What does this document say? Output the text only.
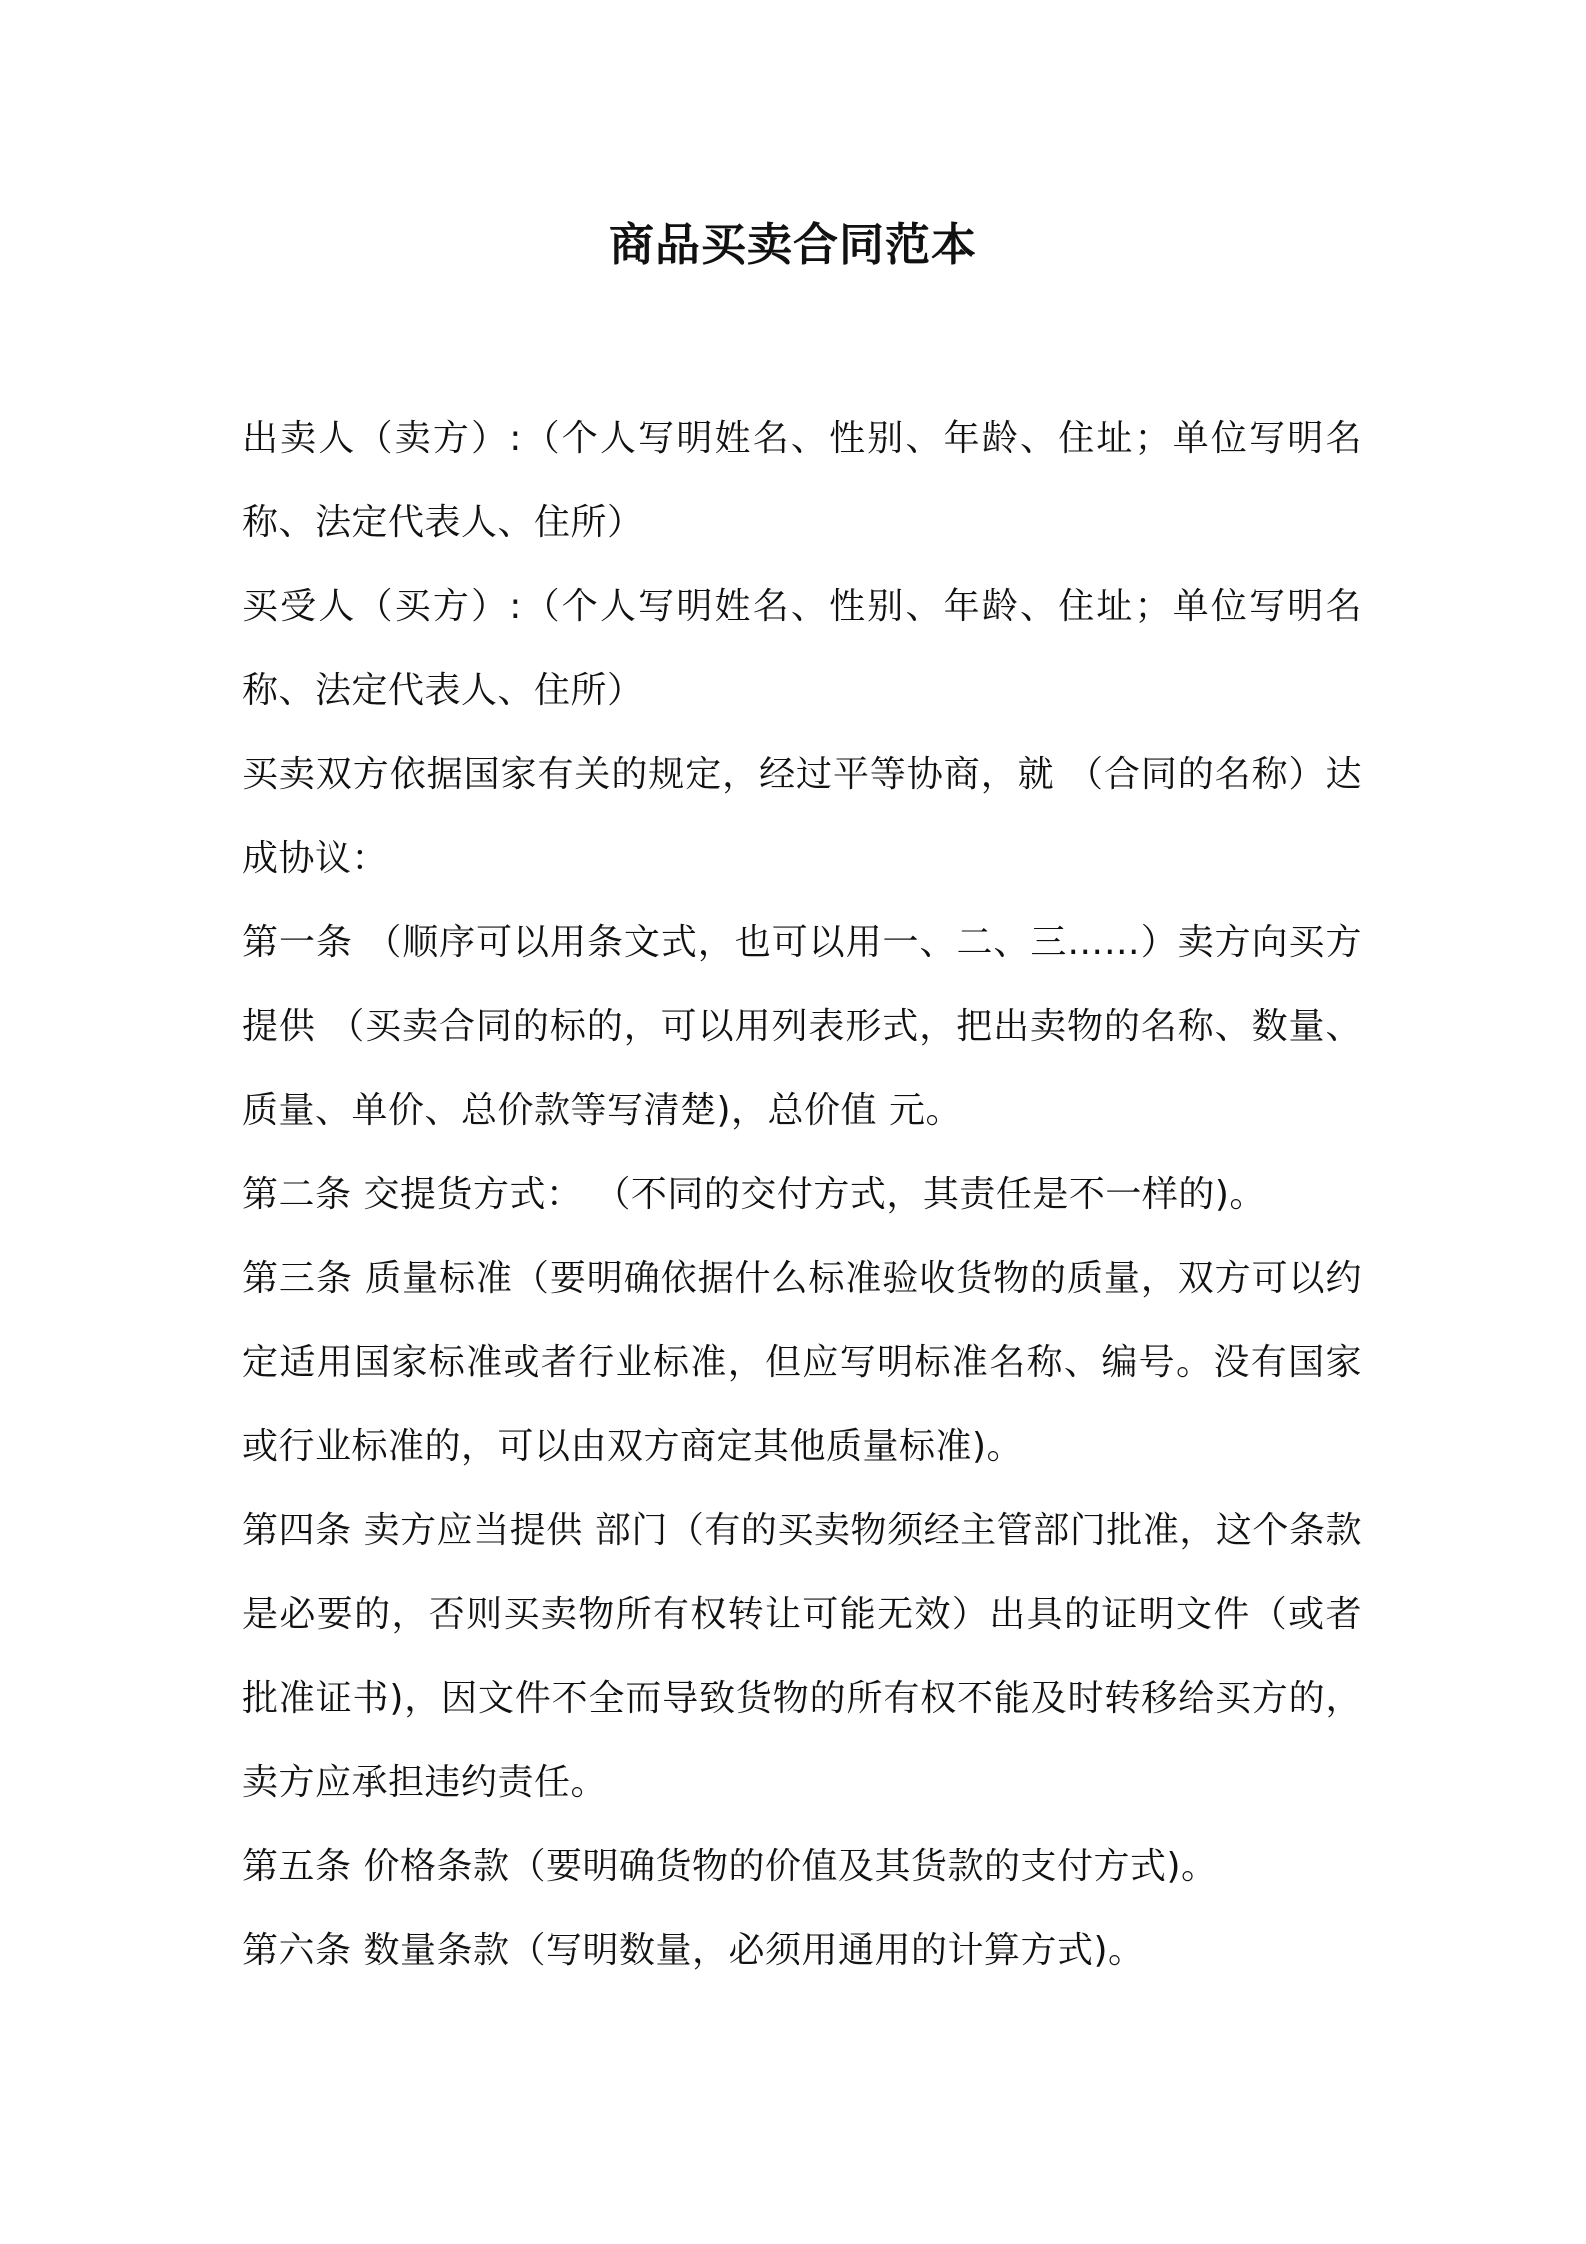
商品买卖合同范本

出卖人（卖方）:（个人写明姓名、性别、年龄、住址；单位写明名称、法定代表人、住所）

买受人（买方）:（个人写明姓名、性别、年龄、住址；单位写明名称、法定代表人、住所）

买卖双方依据国家有关的规定，经过平等协商，就 （合同的名称）达成协议：

第一条 （顺序可以用条文式，也可以用一、二、三……）卖方向买方提供 （买卖合同的标的，可以用列表形式，把出卖物的名称、数量、质量、单价、总价款等写清楚)，总价值 元。

第二条 交提货方式： （不同的交付方式，其责任是不一样的)。

第三条 质量标准（要明确依据什么标准验收货物的质量，双方可以约定适用国家标准或者行业标准，但应写明标准名称、编号。没有国家或行业标准的，可以由双方商定其他质量标准)。

第四条 卖方应当提供 部门（有的买卖物须经主管部门批准，这个条款是必要的，否则买卖物所有权转让可能无效）出具的证明文件（或者批准证书)，因文件不全而导致货物的所有权不能及时转移给买方的，卖方应承担违约责任。

第五条 价格条款（要明确货物的价值及其货款的支付方式)。

第六条 数量条款（写明数量，必须用通用的计算方式)。
